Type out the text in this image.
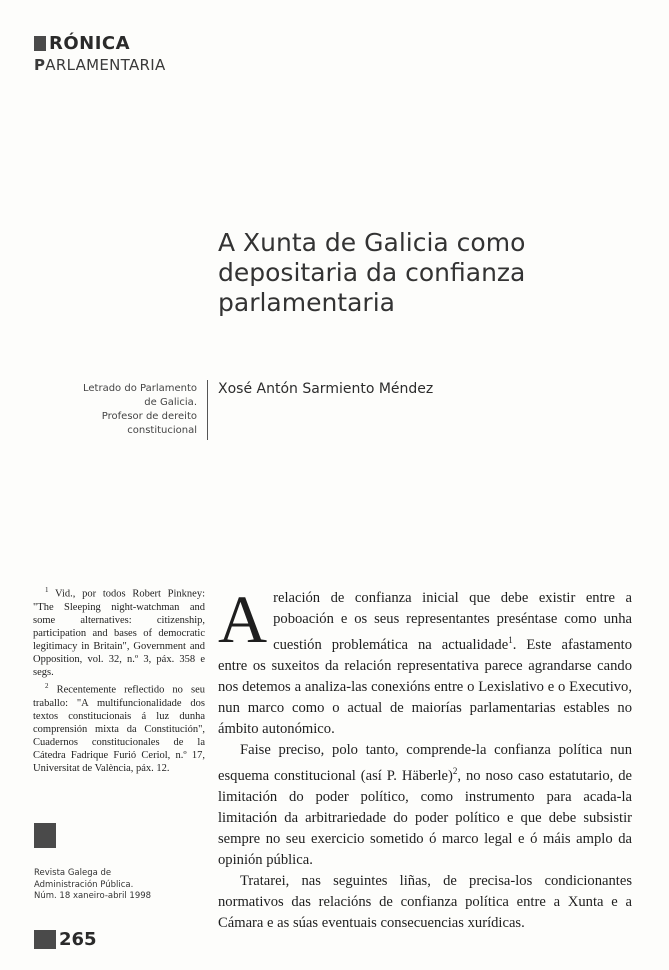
RÓNICA
PARLAMENTARIA
A Xunta de Galicia como depositaria da confianza parlamentaria
Letrado do Parlamento
de Galicia.
Profesor de dereito
constitucional
Xosé Antón Sarmiento Méndez

$^1$ Vid., por todos Robert Pinkney: "The Sleeping night-watchman and some alternatives: citizenship, participation and bases of democratic legitimacy in Britain", Government and Opposition, vol. 32, n.º 3, páx. 358 e segs.

$^2$ Recentemente reflectido no seu traballo: "A multifuncionalidade dos textos constitucionais á luz dunha comprensión mixta da Constitución", Cuadernos constitucionales de la Cátedra Fadrique Furió Ceriol, n.º 17, Universitat de València, páx. 12.

Revista Galega de
Administración Pública.
Núm. 18 xaneiro-abril 1998
265

Arelación de confianza inicial que debe existir entre a poboación e os seus representantes preséntase como unha cuestión problemática na actualidade$^1$. Este afastamento entre os suxeitos da relación representativa parece agrandarse cando nos detemos a analiza-las conexións entre o Lexislativo e o Executivo, nun marco como o actual de maiorías parlamentarias estables no ámbito autonómico.

Faise preciso, polo tanto, comprende-la confianza política nun esquema constitucional (así P. Häberle)$^2$, no noso caso estatutario, de limitación do poder político, como instrumento para acada-la limitación da arbitrariedade do poder político e que debe subsistir sempre no seu exercicio sometido ó marco legal e ó máis amplo da opinión pública.

Tratarei, nas seguintes liñas, de precisa-los condicionantes normativos das relacións de confianza política entre a Xunta e a Cámara e as súas eventuais consecuencias xurídicas.
